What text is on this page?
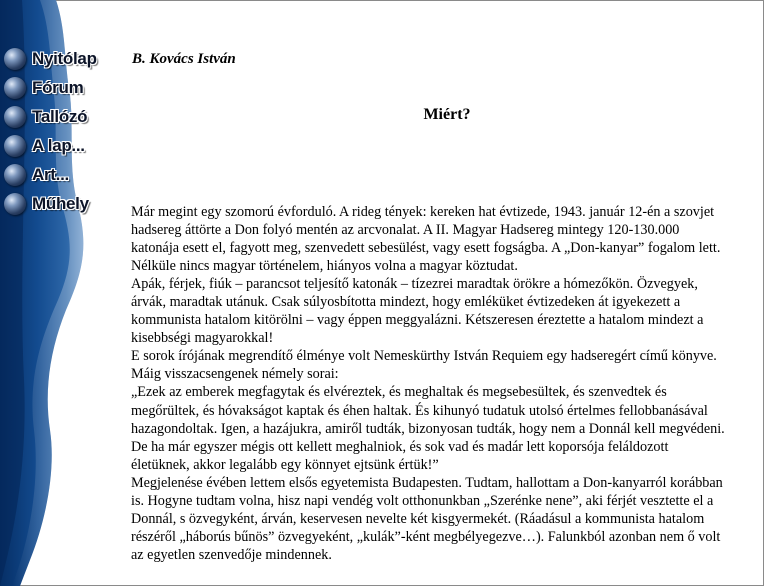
Nyitólap
Fórum
Tallózó
A lap...
Art...
Műhely
B. Kovács István
Miért?

Már megint egy szomorú évforduló. A rideg tények: kereken hat évtizede, 1943. január 12-én a szovjet

hadsereg áttörte a Don folyó mentén az arcvonalat. A II. Magyar Hadsereg mintegy 120-130.000

katonája esett el, fagyott meg, szenvedett sebesülést, vagy esett fogságba. A „Don-kanyar” fogalom lett.

Nélküle nincs magyar történelem, hiányos volna a magyar köztudat.

Apák, férjek, fiúk – parancsot teljesítő katonák – tízezrei maradtak örökre a hómezőkön. Özvegyek,

árvák, maradtak utánuk. Csak súlyosbította mindezt, hogy emléküket évtizedeken át igyekezett a

kommunista hatalom kitörölni – vagy éppen meggyalázni. Kétszeresen éreztette a hatalom mindezt a

kisebbségi magyarokkal!

E sorok írójának megrendítő élménye volt Nemeskürthy István Requiem egy hadseregért című könyve.

Máig visszacsengenek némely sorai:

„Ezek az emberek megfagytak és elvéreztek, és meghaltak és megsebesültek, és szenvedtek és

megőrültek, és hóvakságot kaptak és éhen haltak. És kihunyó tudatuk utolsó értelmes fellobbanásával

hazagondoltak. Igen, a hazájukra, amiről tudták, bizonyosan tudták, hogy nem a Donnál kell megvédeni.

De ha már egyszer mégis ott kellett meghalniok, és sok vad és madár lett koporsója feláldozott

életüknek, akkor legalább egy könnyet ejtsünk értük!”

Megjelenése évében lettem elsős egyetemista Budapesten. Tudtam, hallottam a Don-kanyarról korábban

is. Hogyne tudtam volna, hisz napi vendég volt otthonunkban „Szerénke nene”, aki férjét vesztette el a

Donnál, s özvegyként, árván, keservesen nevelte két kisgyermekét. (Ráadásul a kommunista hatalom

részéről „háborús bűnös” özvegyeként, „kulák”-ként megbélyegezve…). Falunkból azonban nem ő volt

az egyetlen szenvedője mindennek.
